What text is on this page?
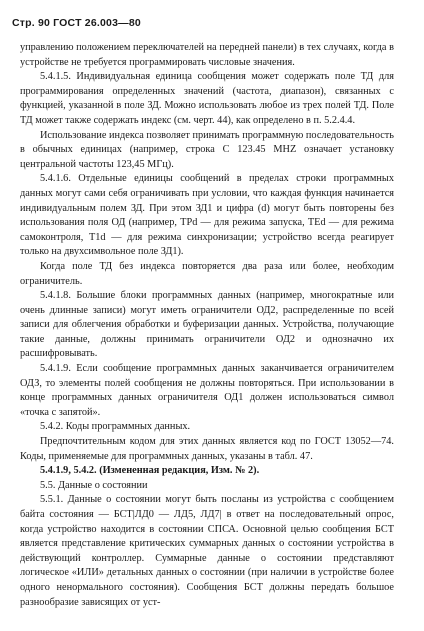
Стр. 90 ГОСТ 26.003—80

управлению положением переключателей на передней панели) в тех случаях, когда в устройстве не требуется программировать числовые значения.

5.4.1.5. Индивидуальная единица сообщения может содержать поле ТД для программирования определенных значений (частота, диапазон), связанных с функцией, указанной в поле ЗД. Можно использовать любое из трех полей ТД. Поле ТД может также содержать индекс (см. черт. 44), как определено в п. 5.2.4.4.

Использование индекса позволяет принимать программную последовательность в обычных единицах (например, строка С 123.45 MHZ означает установку центральной частоты 123,45 МГц).

5.4.1.6. Отдельные единицы сообщений в пределах строки программных данных могут сами себя ограничивать при условии, что каждая функция начинается индивидуальным полем ЗД. При этом ЗД1 и цифра (d) могут быть повторены без использования поля ОД (например, TPd — для режима запуска, TEd — для режима самоконтроля, T1d — для режима синхронизации; устройство всегда реагирует только на двухсимвольное поле ЗД1).

Когда поле ТД без индекса повторяется два раза или более, необходим ограничитель.

5.4.1.8. Большие блоки программных данных (например, многократные или очень длинные записи) могут иметь ограничители ОД2, распределенные по всей записи для облегчения обработки и буферизации данных. Устройства, получающие такие данные, должны принимать ограничители ОД2 и однозначно их расшифровывать.

5.4.1.9. Если сообщение программных данных заканчивается ограничителем ОДЗ, то элементы полей сообщения не должны повторяться. При использовании в конце программных данных ограничителя ОД1 должен использоваться символ «точка с запятой».

5.4.2. Коды программных данных.

Предпочтительным кодом для этих данных является код по ГОСТ 13052—74. Коды, применяемые для программных данных, указаны в табл. 47.

5.4.1.9, 5.4.2. (Измененная редакция, Изм. № 2).

5.5. Данные о состоянии

5.5.1. Данные о состоянии могут быть посланы из устройства с сообщением байта состояния — БСТ|ЛД0 — ЛД5, ЛД7| в ответ на последовательный опрос, когда устройство находится в состоянии СПСА. Основной целью сообщения БСТ является представление критических суммарных данных о состоянии устройства в действующий контроллер. Суммарные данные о состоянии представляют логическое «ИЛИ» детальных данных о состоянии (при наличии в устройстве более одного ненормального состояния). Сообщения БСТ должны передать большое разнообразие зависящих от уст-
